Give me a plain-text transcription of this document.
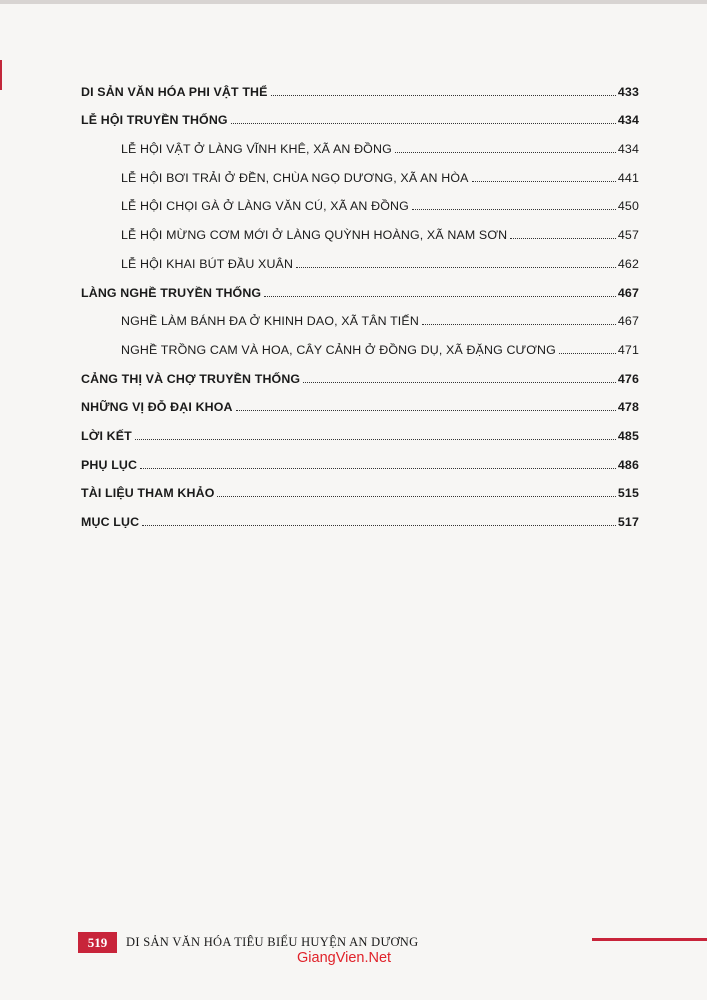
DI SẢN VĂN HÓA PHI VẬT THỂ	433
LỄ HỘI TRUYỀN THỐNG	434
LỄ HỘI VẬT Ở LÀNG VĨNH KHÊ, XÃ AN ĐỒNG	434
LỄ HỘI BƠI TRẢI Ở ĐỀN, CHÙA NGỌ DƯƠNG, XÃ AN HÒA	441
LỄ HỘI CHỌI GÀ Ở LÀNG VĂN CÚ, XÃ AN ĐỒNG	450
LỄ HỘI MỪNG CƠM MỚI Ở LÀNG QUỲNH HOÀNG, XÃ NAM SƠN	457
LỄ HỘI KHAI BÚT ĐẦU XUÂN	462
LÀNG NGHỀ TRUYỀN THỐNG	467
NGHỀ LÀM BÁNH ĐA Ở KHINH DAO, XÃ TÂN TIẾN	467
NGHỀ TRỒNG CAM VÀ HOA, CÂY CẢNH Ở ĐỒNG DỤ, XÃ ĐẶNG CƯƠNG	471
CẢNG THỊ VÀ CHỢ TRUYỀN THỐNG	476
NHỮNG VỊ ĐỖ ĐẠI KHOA	478
LỜI KẾT	485
PHỤ LỤC	486
TÀI LIỆU THAM KHẢO	515
MỤC LỤC	517
519	DI SẢN VĂN HÓA TIÊU BIỂU HUYỆN AN DƯƠNG
GiangVien.Net
